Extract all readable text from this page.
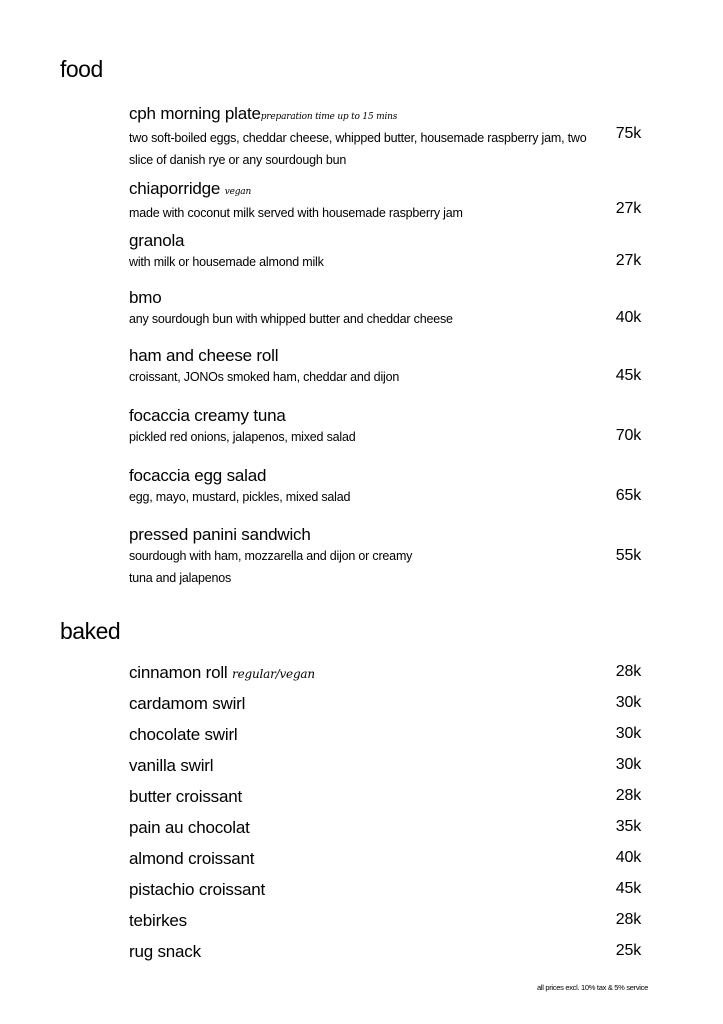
food
cph morning platepreparation time up to 15 mins
two soft-boiled eggs, cheddar cheese, whipped butter, housemade raspberry jam, two slice of danish rye or any sourdough bun
75k
chiaporridge vegan
made with coconut milk served with housemade raspberry jam	27k
granola
with milk or housemade almond milk	27k
bmo
any sourdough bun with whipped butter and cheddar cheese	40k
ham and cheese roll
croissant, JONOs smoked ham, cheddar and dijon	45k
focaccia creamy tuna
pickled red onions, jalapenos, mixed salad	70k
focaccia egg salad
egg, mayo, mustard, pickles, mixed salad	65k
pressed panini sandwich
sourdough with ham, mozzarella and dijon or creamy tuna and jalapenos
55k
baked
cinnamon roll regular/vegan	28k
cardamom swirl	30k
chocolate swirl	30k
vanilla swirl	30k
butter croissant	28k
pain au chocolat	35k
almond croissant	40k
pistachio croissant	45k
tebirkes	28k
rug snack	25k
all prices excl. 10% tax & 5% service
